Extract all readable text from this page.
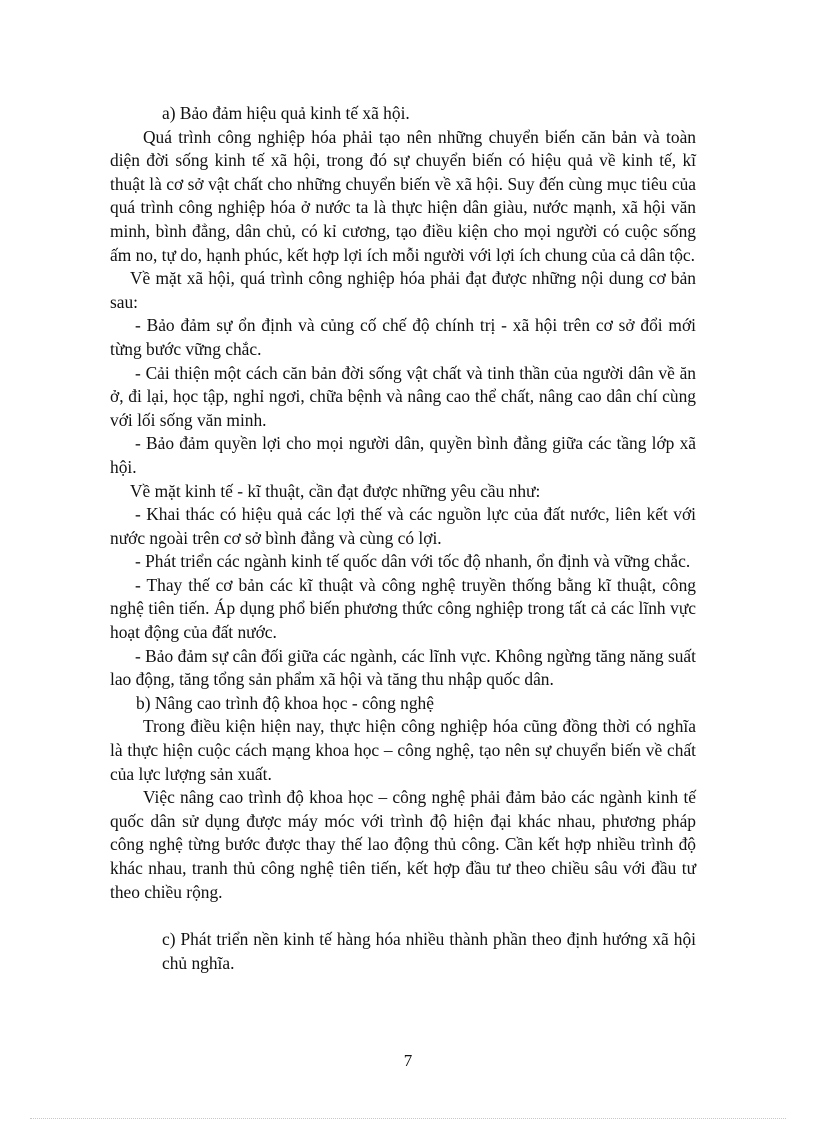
a) Bảo đảm hiệu quả kinh tế xã hội.

Quá trình công nghiệp hóa phải tạo nên những chuyển biến căn bản và toàn diện đời sống kinh tế xã hội, trong đó sự chuyển biến có hiệu quả về kinh tế, kĩ thuật là cơ sở vật chất cho những chuyển biến về xã hội. Suy đến cùng mục tiêu của quá trình công nghiệp hóa ở nước ta là thực hiện dân giàu, nước mạnh, xã hội văn minh, bình đẳng, dân chủ, có kỉ cương, tạo điều kiện cho mọi người có cuộc sống ấm no, tự do, hạnh phúc, kết hợp lợi ích mỗi người với lợi ích chung của cả dân tộc.

Về mặt xã hội, quá trình công nghiệp hóa phải đạt được những nội dung cơ bản sau:

- Bảo đảm sự ổn định và củng cố chế độ chính trị - xã hội trên cơ sở đổi mới từng bước vững chắc.

- Cải thiện một cách căn bản đời sống vật chất và tinh thần của người dân về ăn ở, đi lại, học tập, nghỉ ngơi, chữa bệnh và nâng cao thể chất, nâng cao dân chí cùng với lối sống văn minh.

- Bảo đảm quyền lợi cho mọi người dân, quyền bình đẳng giữa các tầng lớp xã hội.

Về mặt kinh tế - kĩ thuật, cần đạt được những yêu cầu như:

- Khai thác có hiệu quả các lợi thế và các nguồn lực của đất nước, liên kết với nước ngoài trên cơ sở bình đẳng và cùng có lợi.

- Phát triển các ngành kinh tế quốc dân với tốc độ nhanh, ổn định và vững chắc.

- Thay thế cơ bản các kĩ thuật và công nghệ truyền thống bằng kĩ thuật, công nghệ tiên tiến. Áp dụng phổ biến phương thức công nghiệp trong tất cả các lĩnh vực hoạt động của đất nước.

- Bảo đảm sự cân đối giữa các ngành, các lĩnh vực. Không ngừng tăng năng suất lao động, tăng tổng sản phẩm xã hội và tăng thu nhập quốc dân.

b) Nâng cao trình độ khoa học - công nghệ

Trong điều kiện hiện nay, thực hiện công nghiệp hóa cũng đồng thời có nghĩa là thực hiện cuộc cách mạng khoa học – công nghệ, tạo nên sự chuyển biến về chất của lực lượng sản xuất.

Việc nâng cao trình độ khoa học – công nghệ phải đảm bảo các ngành kinh tế quốc dân sử dụng được máy móc với trình độ hiện đại khác nhau, phương pháp công nghệ từng bước được thay thế lao động thủ công. Cần kết hợp nhiều trình độ khác nhau, tranh thủ công nghệ tiên tiến, kết hợp đầu tư theo chiều sâu với đầu tư theo chiều rộng.

c) Phát triển nền kinh tế hàng hóa nhiều thành phần theo định hướng xã hội chủ nghĩa.

7
